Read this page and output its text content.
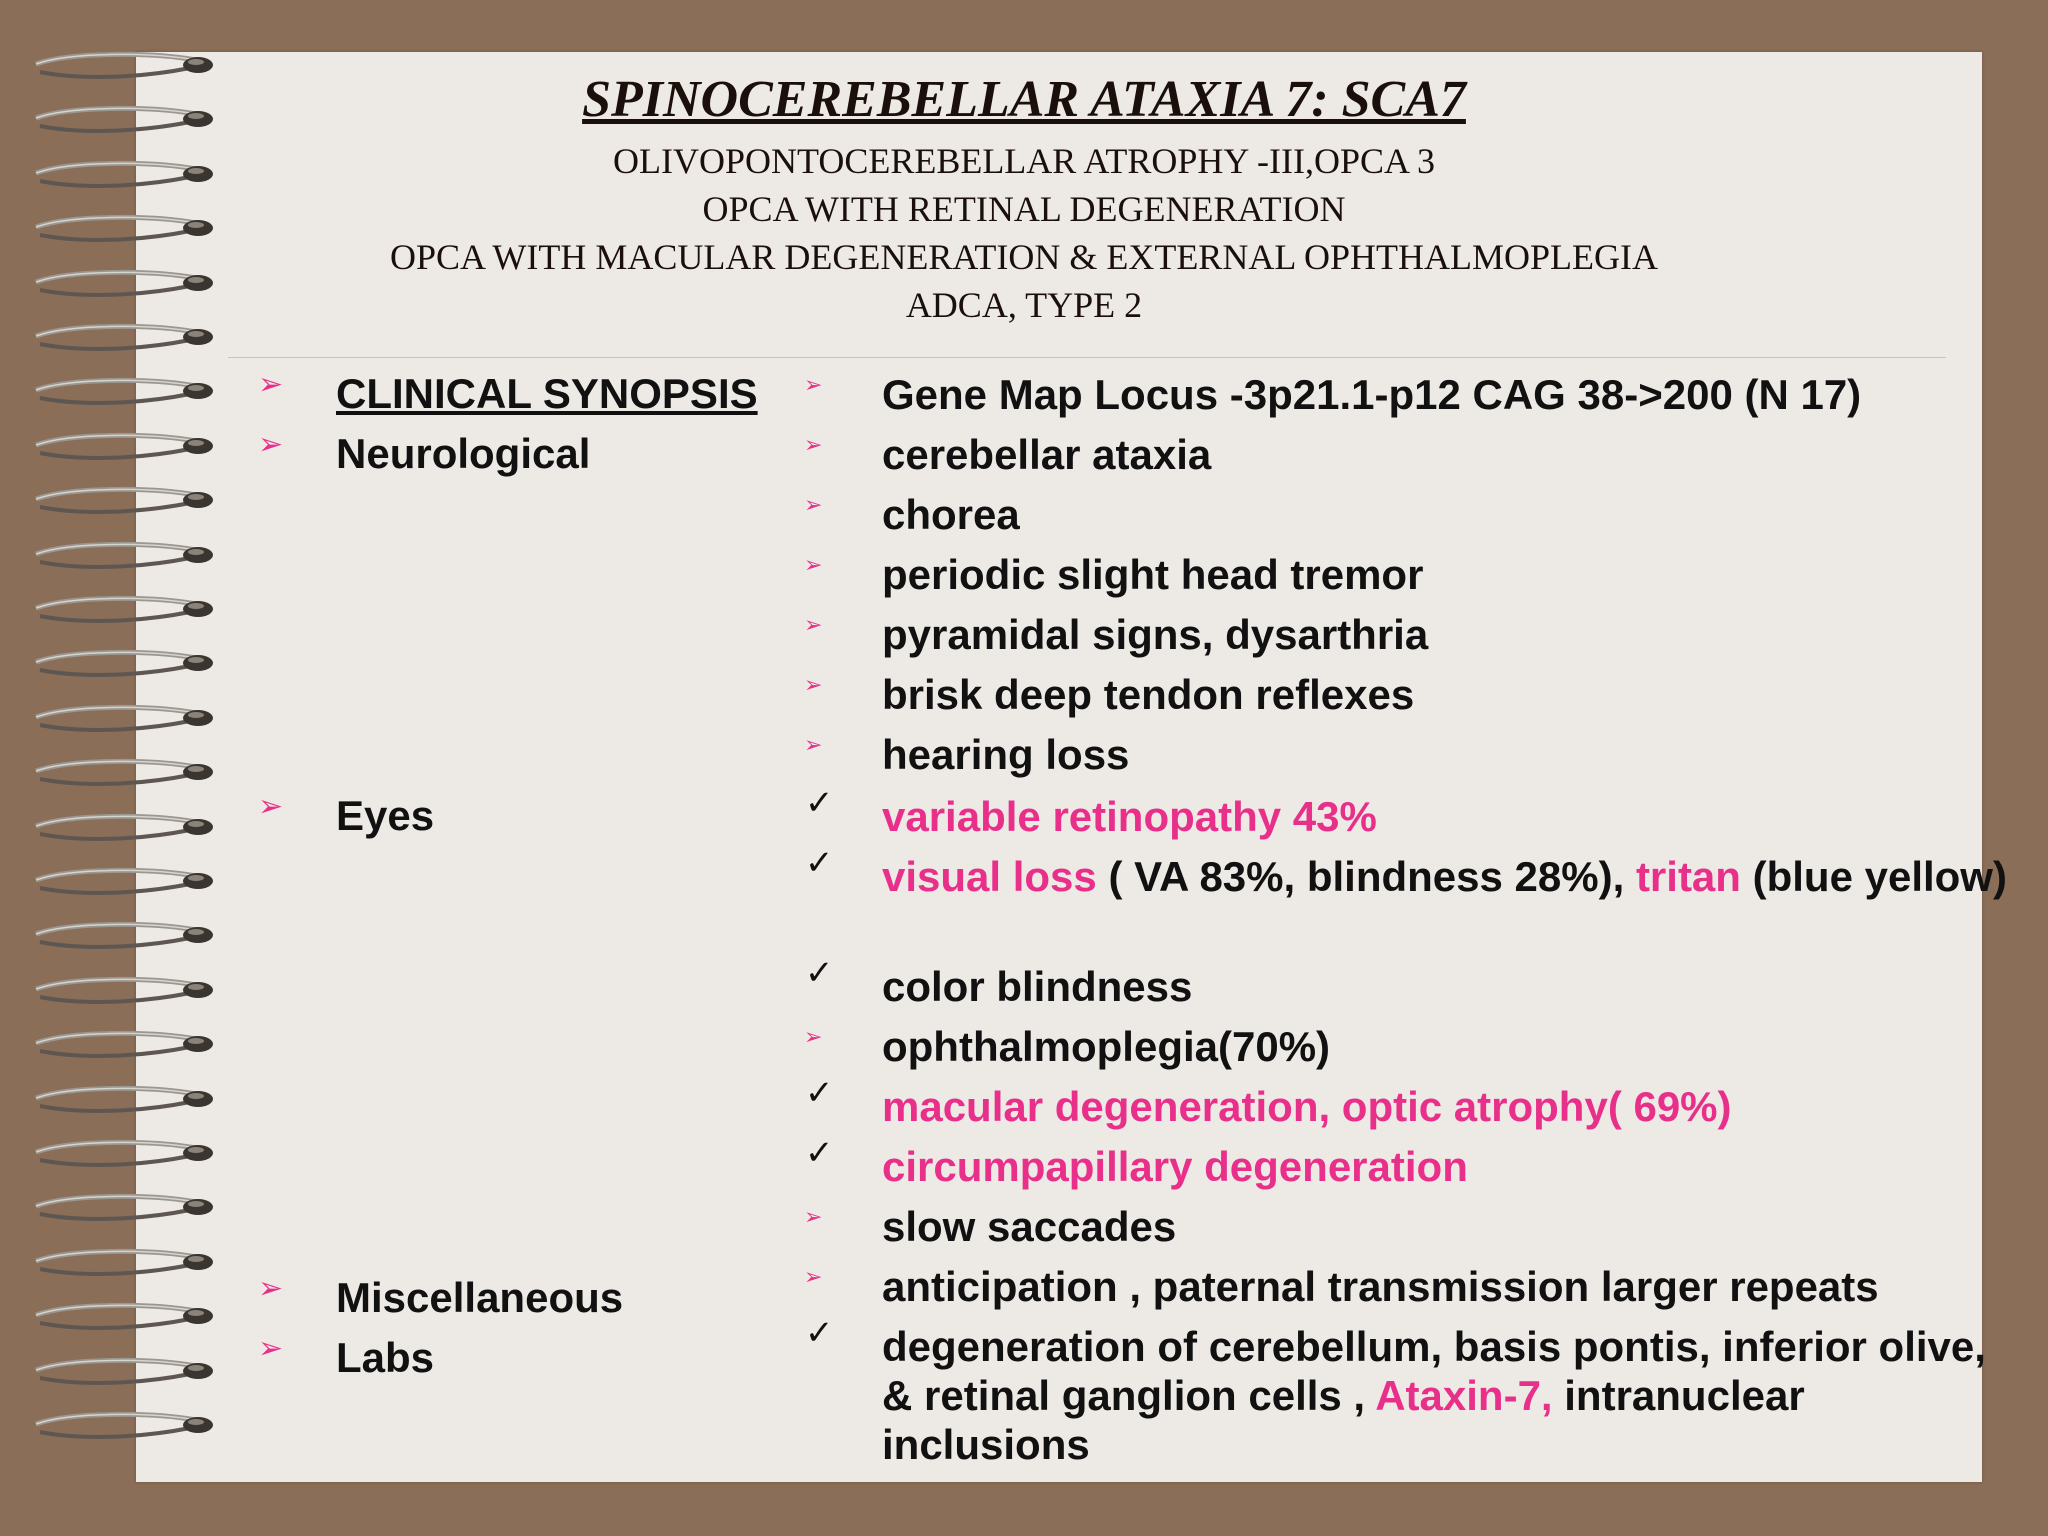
SPINOCEREBELLAR ATAXIA 7: SCA7
OLIVOPONTOCEREBELLAR ATROPHY -III,OPCA 3
OPCA WITH RETINAL DEGENERATION
OPCA WITH MACULAR DEGENERATION & EXTERNAL OPHTHALMOPLEGIA
ADCA, TYPE 2
➢ CLINICAL SYNOPSIS
➢ Neurological
➢ Eyes
➢ Miscellaneous
➢ Labs
➢ Gene Map Locus -3p21.1-p12 CAG 38->200 (N 17)
➢ cerebellar ataxia
➢ chorea
➢ periodic slight head tremor
➢ pyramidal signs, dysarthria
➢ brisk deep tendon reflexes
➢ hearing loss
✓ variable retinopathy 43%
✓ visual loss ( VA 83%, blindness 28%), tritan (blue yellow)
✓ color blindness
➢ ophthalmoplegia(70%)
✓ macular degeneration, optic atrophy( 69%)
✓ circumpapillary degeneration
➢ slow saccades
➢ anticipation , paternal transmission larger repeats
✓ degeneration of cerebellum, basis pontis, inferior olive, & retinal ganglion cells , Ataxin-7, intranuclear inclusions
